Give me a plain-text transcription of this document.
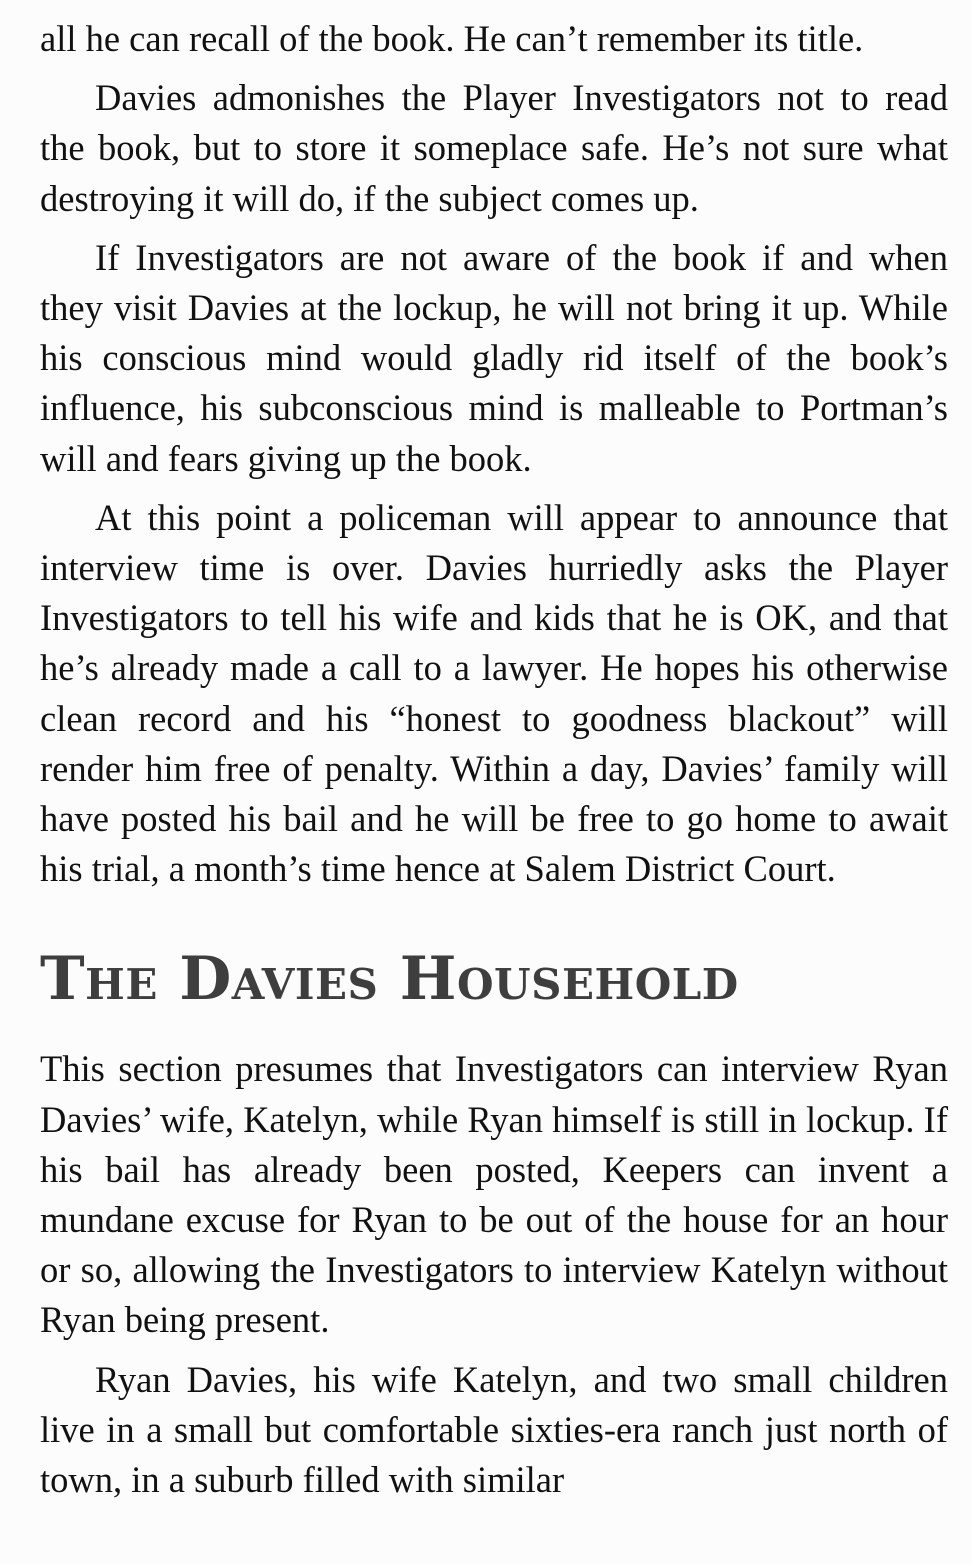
all he can recall of the book. He can’t remember its title.

Davies admonishes the Player Investigators not to read the book, but to store it someplace safe. He’s not sure what destroying it will do, if the subject comes up.

If Investigators are not aware of the book if and when they visit Davies at the lockup, he will not bring it up. While his conscious mind would gladly rid itself of the book’s influence, his subconscious mind is malleable to Portman’s will and fears giving up the book.

At this point a policeman will appear to announce that interview time is over. Davies hurriedly asks the Player Investigators to tell his wife and kids that he is OK, and that he’s already made a call to a lawyer. He hopes his otherwise clean record and his “honest to goodness blackout” will render him free of penalty. Within a day, Davies’ family will have posted his bail and he will be free to go home to await his trial, a month’s time hence at Salem District Court.

The Davies Household

This section presumes that Investigators can interview Ryan Davies’ wife, Katelyn, while Ryan himself is still in lockup. If his bail has already been posted, Keepers can invent a mundane excuse for Ryan to be out of the house for an hour or so, allowing the Investigators to interview Katelyn without Ryan being present.

Ryan Davies, his wife Katelyn, and two small children live in a small but comfortable sixties-era ranch just north of town, in a suburb filled with similar
